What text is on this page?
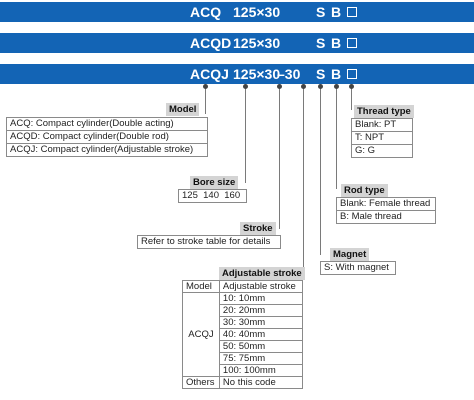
ACQ 125×30	S B
ACQD 125×30	S B
ACQJ 125×30
–30 S B
Model
ACQ: Compact cylinder(Double acting)
ACQD: Compact cylinder(Double rod)
ACQJ: Compact cylinder(Adjustable stroke)
Bore size
125  140  160
Stroke
Refer to stroke table for details
Adjustable stroke
Model	Adjustable stroke
ACQJ	10: 10mm
	20: 20mm
	30: 30mm
	40: 40mm
	50: 50mm
	75: 75mm
	100: 100mm
Others	No this code
Magnet
S: With magnet
Rod type
Blank: Female thread
B: Male thread
Thread type
Blank: PT
T: NPT
G: G
